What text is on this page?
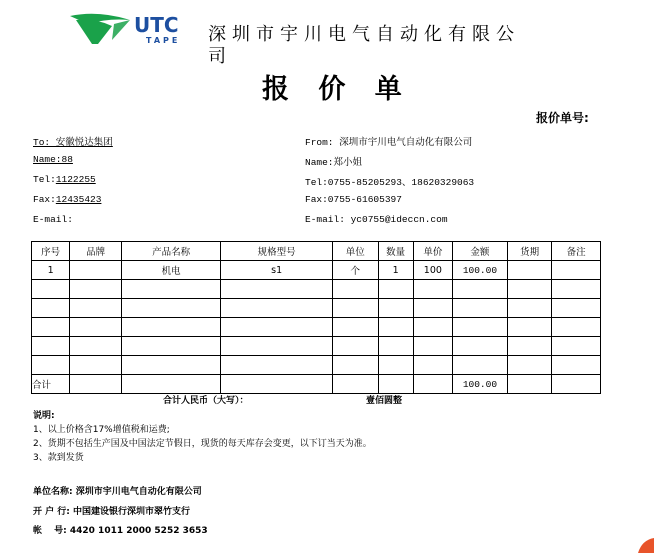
UTC
TAPE 深圳市宇川电气自动化有限公司
报 价 单
报价单号:
To: 安徽悦达集团
Name:88
Tel:1122255
Fax:12435423
E-mail:
From: 深圳市宇川电气自动化有限公司
Name:郑小姐
Tel:0755-85205293、18620329063
Fax:0755-61605397
E-mail: yc0755@ideccn.com
序号	品牌	产品名称	规格型号	单位	数量	单价	金额	货期	备注
1		机电	s1	个	1	100	100.00		

合计							100.00		
合计人民币（大写）：	壹佰圆整
说明:
1、以上价格含17%增值税和运费;
2、货期不包括生产国及中国法定节假日，现货的每天库存会变更，以下订当天为准。
3、款到发货
单位名称: 深圳市宇川电气自动化有限公司
开 户 行: 中国建设银行深圳市翠竹支行
帐　 号: 4420 1011 2000 5252 3653
